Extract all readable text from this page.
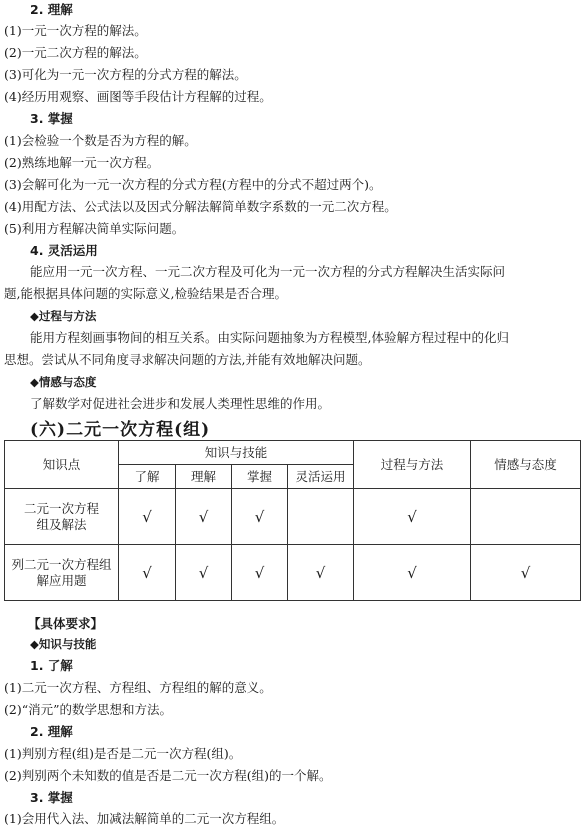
2. 理解
(1)一元一次方程的解法。
(2)一元二次方程的解法。
(3)可化为一元一次方程的分式方程的解法。
(4)经历用观察、画图等手段估计方程解的过程。
3. 掌握
(1)会检验一个数是否为方程的解。
(2)熟练地解一元一次方程。
(3)会解可化为一元一次方程的分式方程(方程中的分式不超过两个)。
(4)用配方法、公式法以及因式分解法解简单数字系数的一元二次方程。
(5)利用方程解决简单实际问题。
4. 灵活运用
能应用一元一次方程、一元二次方程及可化为一元一次方程的分式方程解决生活实际问
题,能根据具体问题的实际意义,检验结果是否合理。
◆过程与方法
能用方程刻画事物间的相互关系。由实际问题抽象为方程模型,体验解方程过程中的化归
思想。尝试从不同角度寻求解决问题的方法,并能有效地解决问题。
◆情感与态度
了解数学对促进社会进步和发展人类理性思维的作用。
(六)二元一次方程(组)
知识点	知识与技能				过程与方法	情感与态度
	了解	理解	掌握	灵活运用		

二元一次方程组及解法	√	√	√		√	

列二元一次方程组解应用题	√	√	√	√	√	√
【具体要求】
◆知识与技能
1. 了解
(1)二元一次方程、方程组、方程组的解的意义。
(2)“消元”的数学思想和方法。
2. 理解
(1)判别方程(组)是否是二元一次方程(组)。
(2)判别两个未知数的值是否是二元一次方程(组)的一个解。
3. 掌握
(1)会用代入法、加减法解简单的二元一次方程组。
